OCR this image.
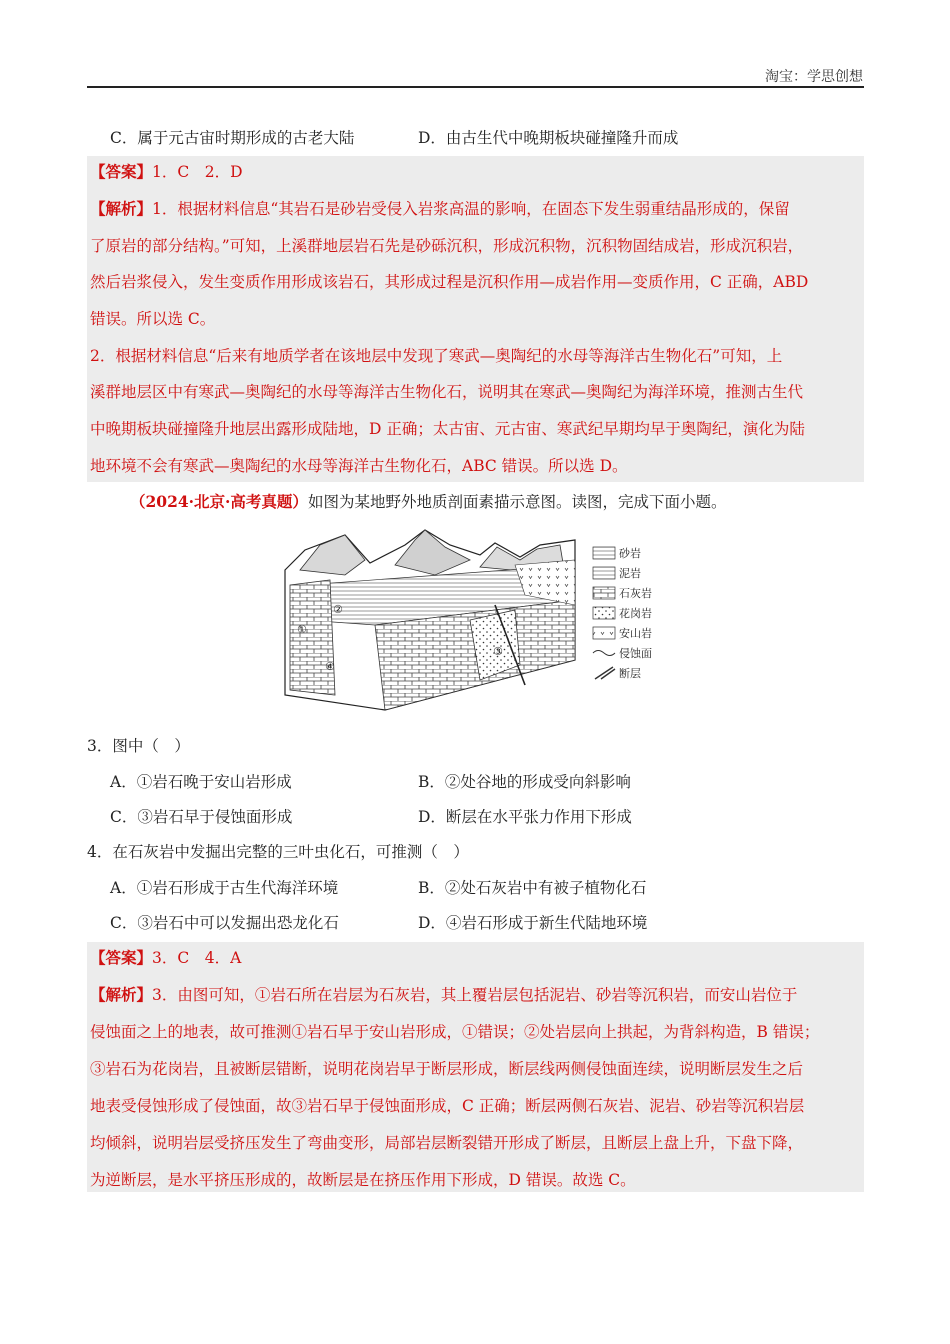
淘宝：学思创想
C．属于元古宙时期形成的古老大陆	D．由古生代中晚期板块碰撞隆升而成
【答案】1．C　2．D
【解析】1．根据材料信息“其岩石是砂岩受侵入岩浆高温的影响，在固态下发生弱重结晶形成的，保留
了原岩的部分结构。”可知，上溪群地层岩石先是砂砾沉积，形成沉积物，沉积物固结成岩，形成沉积岩，
然后岩浆侵入，发生变质作用形成该岩石，其形成过程是沉积作用—成岩作用—变质作用，C 正确，ABD
错误。所以选 C。
2．根据材料信息“后来有地质学者在该地层中发现了寒武—奥陶纪的水母等海洋古生物化石”可知，上
溪群地层区中有寒武—奥陶纪的水母等海洋古生物化石，说明其在寒武—奥陶纪为海洋环境，推测古生代
中晚期板块碰撞隆升地层出露形成陆地，D 正确；太古宙、元古宙、寒武纪早期均早于奥陶纪，演化为陆
地环境不会有寒武—奥陶纪的水母等海洋古生物化石，ABC 错误。所以选 D。
（2024·北京·高考真题）如图为某地野外地质剖面素描示意图。读图，完成下面小题。
②
①
④
③
砂岩
泥岩
石灰岩
花岗岩
安山岩
侵蚀面
断层
3．图中（　）
A．①岩石晚于安山岩形成	B．②处谷地的形成受向斜影响
C．③岩石早于侵蚀面形成	D．断层在水平张力作用下形成
4．在石灰岩中发掘出完整的三叶虫化石，可推测（　）
A．①岩石形成于古生代海洋环境	B．②处石灰岩中有被子植物化石
C．③岩石中可以发掘出恐龙化石	D．④岩石形成于新生代陆地环境
【答案】3．C　4．A
【解析】3．由图可知，①岩石所在岩层为石灰岩，其上覆岩层包括泥岩、砂岩等沉积岩，而安山岩位于
侵蚀面之上的地表，故可推测①岩石早于安山岩形成，①错误；②处岩层向上拱起，为背斜构造，B 错误；
③岩石为花岗岩，且被断层错断，说明花岗岩早于断层形成，断层线两侧侵蚀面连续，说明断层发生之后
地表受侵蚀形成了侵蚀面，故③岩石早于侵蚀面形成，C 正确；断层两侧石灰岩、泥岩、砂岩等沉积岩层
均倾斜，说明岩层受挤压发生了弯曲变形，局部岩层断裂错开形成了断层，且断层上盘上升，下盘下降，
为逆断层，是水平挤压形成的，故断层是在挤压作用下形成，D 错误。故选 C。
